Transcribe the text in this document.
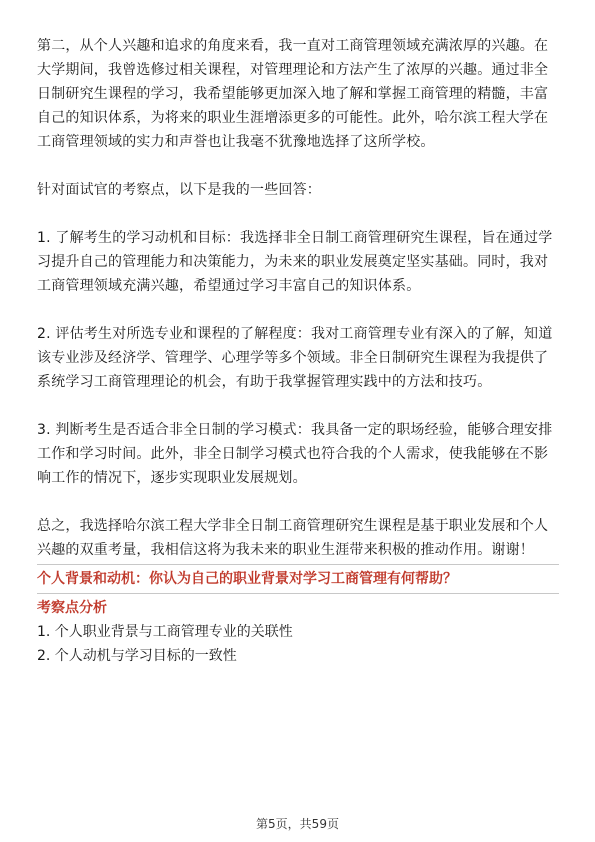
第二，从个人兴趣和追求的角度来看，我一直对工商管理领域充满浓厚的兴趣。在大学期间，我曾选修过相关课程，对管理理论和方法产生了浓厚的兴趣。通过非全日制研究生课程的学习，我希望能够更加深入地了解和掌握工商管理的精髓，丰富自己的知识体系，为将来的职业生涯增添更多的可能性。此外，哈尔滨工程大学在工商管理领域的实力和声誉也让我毫不犹豫地选择了这所学校。

针对面试官的考察点，以下是我的一些回答：

1. 了解考生的学习动机和目标：我选择非全日制工商管理研究生课程，旨在通过学习提升自己的管理能力和决策能力，为未来的职业发展奠定坚实基础。同时，我对工商管理领域充满兴趣，希望通过学习丰富自己的知识体系。

2. 评估考生对所选专业和课程的了解程度：我对工商管理专业有深入的了解，知道该专业涉及经济学、管理学、心理学等多个领域。非全日制研究生课程为我提供了系统学习工商管理理论的机会，有助于我掌握管理实践中的方法和技巧。

3. 判断考生是否适合非全日制的学习模式：我具备一定的职场经验，能够合理安排工作和学习时间。此外，非全日制学习模式也符合我的个人需求，使我能够在不影响工作的情况下，逐步实现职业发展规划。

总之，我选择哈尔滨工程大学非全日制工商管理研究生课程是基于职业发展和个人兴趣的双重考量，我相信这将为我未来的职业生涯带来积极的推动作用。谢谢！

个人背景和动机：你认为自己的职业背景对学习工商管理有何帮助？

考察点分析

1. 个人职业背景与工商管理专业的关联性

2. 个人动机与学习目标的一致性

第5页，共59页
